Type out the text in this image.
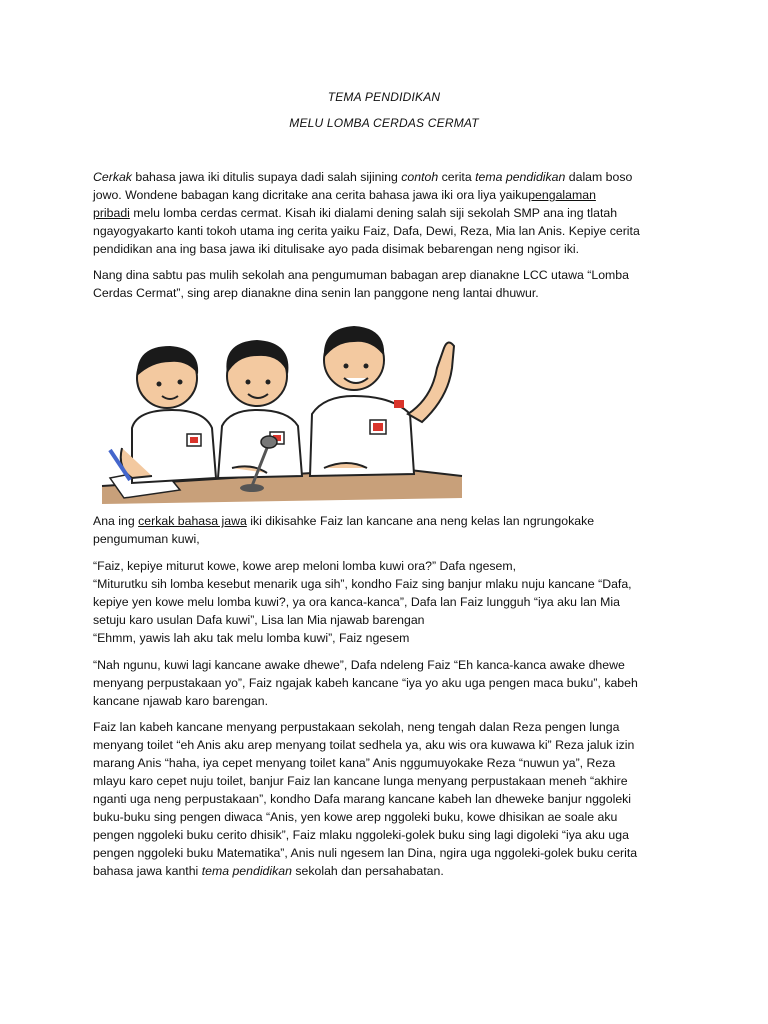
TEMA PENDIDIKAN
MELU LOMBA CERDAS CERMAT

Cerkak bahasa jawa iki ditulis supaya dadi salah sijining contoh cerita tema pendidikan dalam boso
jowo. Wondene babagan kang dicritake ana cerita bahasa jawa iki ora liya yaikupengalaman
pribadi melu lomba cerdas cermat. Kisah iki dialami dening salah siji sekolah SMP ana ing tlatah
ngayogyakarto kanti tokoh utama ing cerita yaiku Faiz, Dafa, Dewi, Reza, Mia lan Anis. Kepiye cerita
pendidikan ana ing basa jawa iki ditulisake ayo pada disimak bebarengan neng ngisor iki.

Nang dina sabtu pas mulih sekolah ana pengumuman babagan arep dianakne LCC utawa “Lomba
Cerdas Cermat”, sing arep dianakne dina senin lan panggone neng lantai dhuwur.

Ana ing cerkak bahasa jawa iki dikisahke Faiz lan kancane ana neng kelas lan ngrungokake
pengumuman kuwi,

“Faiz, kepiye miturut kowe, kowe arep meloni lomba kuwi ora?” Dafa ngesem,
“Miturutku sih lomba kesebut menarik uga sih”, kondho Faiz sing banjur mlaku nuju kancane “Dafa,
kepiye yen kowe melu lomba kuwi?, ya ora kanca-kanca”, Dafa lan Faiz lungguh “iya aku lan Mia
setuju karo usulan Dafa kuwi”, Lisa lan Mia njawab barengan
“Ehmm, yawis lah aku tak melu lomba kuwi”, Faiz ngesem

“Nah ngunu, kuwi lagi kancane awake dhewe”, Dafa ndeleng Faiz “Eh kanca-kanca awake dhewe
menyang perpustakaan yo”, Faiz ngajak kabeh kancane “iya yo aku uga pengen maca buku”, kabeh
kancane njawab karo barengan.

Faiz lan kabeh kancane menyang perpustakaan sekolah, neng tengah dalan Reza pengen lunga
menyang toilet “eh Anis aku arep menyang toilat sedhela ya, aku wis ora kuwawa ki” Reza jaluk izin
marang Anis “haha, iya cepet menyang toilet kana” Anis nggumuyokake Reza “nuwun ya”, Reza
mlayu karo cepet nuju toilet, banjur Faiz lan kancane lunga menyang perpustakaan meneh “akhire
nganti uga neng perpustakaan”, kondho Dafa marang kancane kabeh lan dheweke banjur nggoleki
buku-buku sing pengen diwaca “Anis, yen kowe arep nggoleki buku, kowe dhisikan ae soale aku
pengen nggoleki buku cerito dhisik”, Faiz mlaku nggoleki-golek buku sing lagi digoleki “iya aku uga
pengen nggoleki buku Matematika”, Anis nuli ngesem lan Dina, ngira uga nggoleki-golek buku cerita
bahasa jawa kanthi tema pendidikan sekolah dan persahabatan.
